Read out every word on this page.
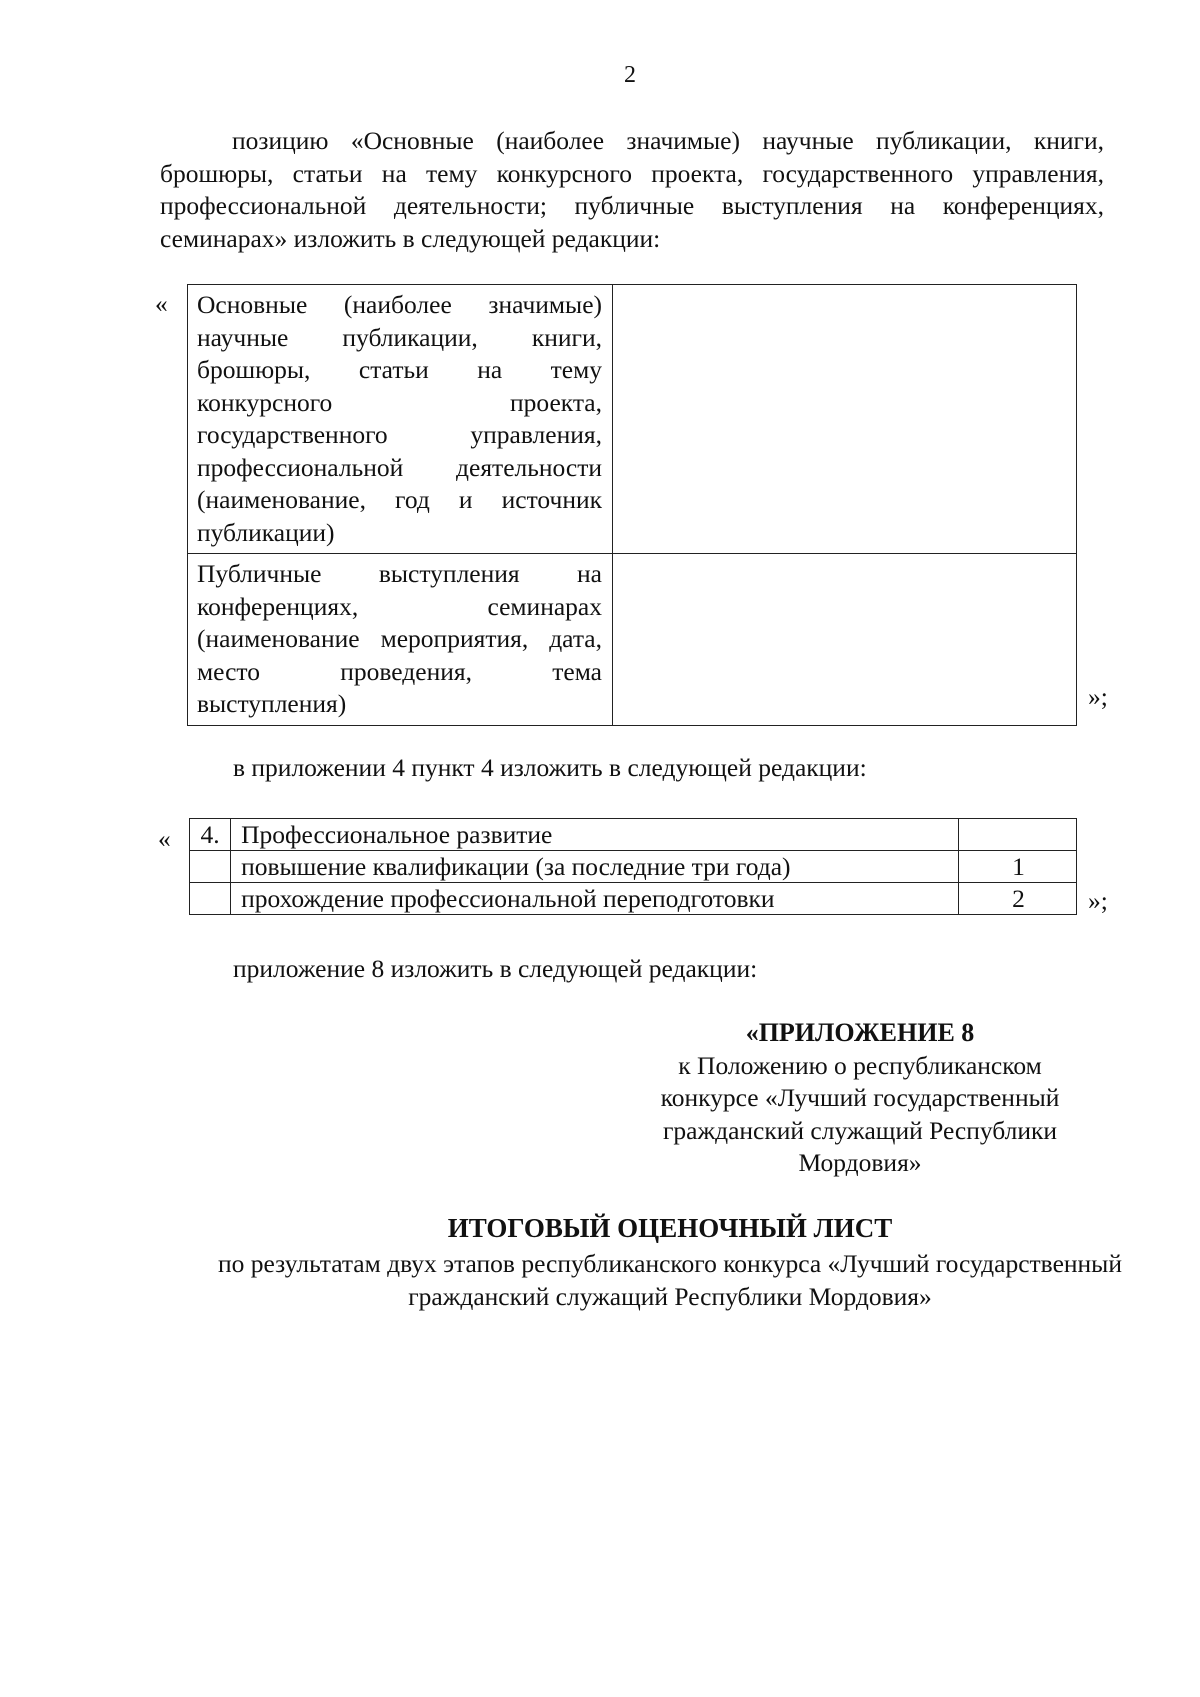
2
позицию «Основные (наиболее значимые) научные публикации, книги, брошюры, статьи на тему конкурсного проекта, государственного управления, профессиональной деятельности; публичные выступления на конференциях, семинарах» изложить в следующей редакции:
« Основные (наиболее значимые) научные публикации, книги, брошюры, статьи на тему конкурсного проекта, государственного управления, профессиональной деятельности (наименование, год и источник публикации)	
Публичные выступления на конференциях, семинарах (наименование мероприятия, дата, место проведения, тема выступления)		»;
в приложении 4 пункт 4 изложить в следующей редакции:
« 4.	Профессиональное развитие	
	повышение квалификации (за последние три года)	1
	прохождение профессиональной переподготовки	2 »;
приложение 8 изложить в следующей редакции:
«ПРИЛОЖЕНИЕ 8
к Положению о республиканском
конкурсе «Лучший государственный
гражданский служащий Республики
Мордовия»
ИТОГОВЫЙ ОЦЕНОЧНЫЙ ЛИСТ
по результатам двух этапов республиканского конкурса «Лучший государственный гражданский служащий Республики Мордовия»
